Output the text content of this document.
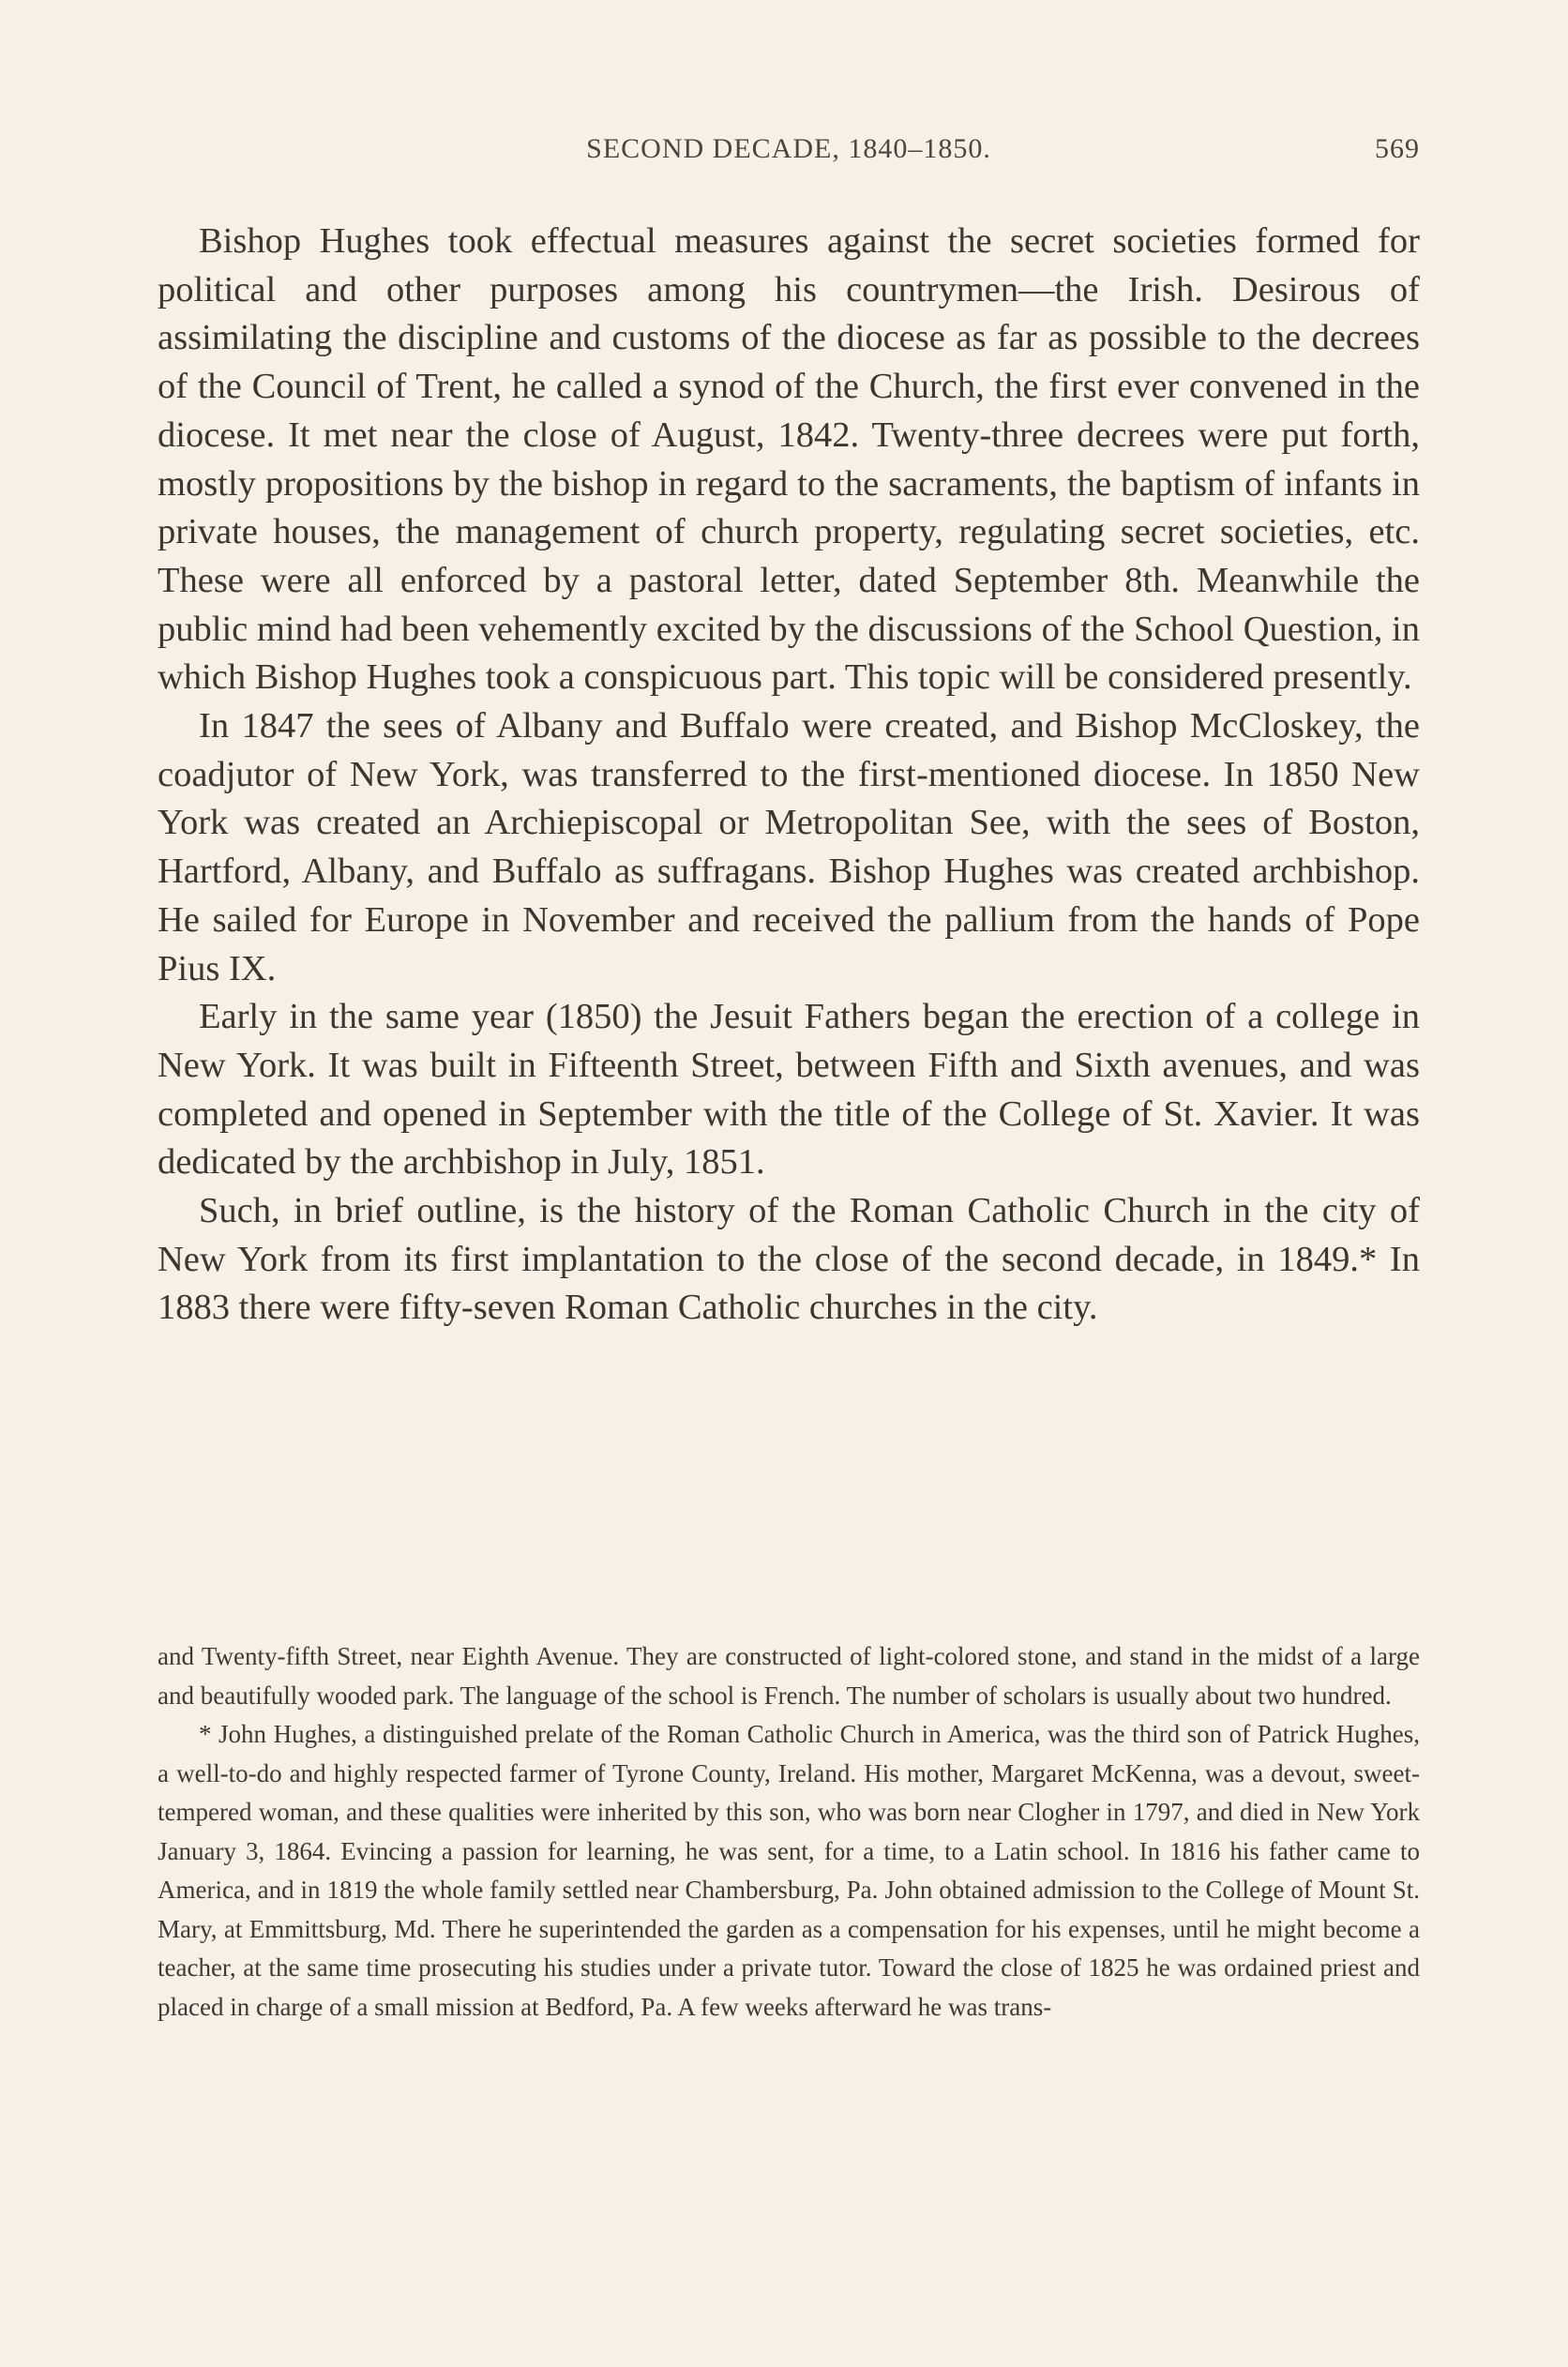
SECOND DECADE, 1840–1850.	569

Bishop Hughes took effectual measures against the secret societies formed for political and other purposes among his countrymen—the Irish. Desirous of assimilating the discipline and customs of the diocese as far as possible to the decrees of the Council of Trent, he called a synod of the Church, the first ever convened in the diocese. It met near the close of August, 1842. Twenty-three decrees were put forth, mostly propositions by the bishop in regard to the sacraments, the baptism of infants in private houses, the management of church property, regulating secret societies, etc. These were all enforced by a pastoral letter, dated September 8th. Meanwhile the public mind had been vehemently excited by the discussions of the School Question, in which Bishop Hughes took a conspicuous part. This topic will be considered presently.

In 1847 the sees of Albany and Buffalo were created, and Bishop McCloskey, the coadjutor of New York, was transferred to the first-mentioned diocese. In 1850 New York was created an Archiepiscopal or Metropolitan See, with the sees of Boston, Hartford, Albany, and Buffalo as suffragans. Bishop Hughes was created archbishop. He sailed for Europe in November and received the pallium from the hands of Pope Pius IX.

Early in the same year (1850) the Jesuit Fathers began the erection of a college in New York. It was built in Fifteenth Street, between Fifth and Sixth avenues, and was completed and opened in September with the title of the College of St. Xavier. It was dedicated by the archbishop in July, 1851.

Such, in brief outline, is the history of the Roman Catholic Church in the city of New York from its first implantation to the close of the second decade, in 1849.* In 1883 there were fifty-seven Roman Catholic churches in the city.

and Twenty-fifth Street, near Eighth Avenue. They are constructed of light-colored stone, and stand in the midst of a large and beautifully wooded park. The language of the school is French. The number of scholars is usually about two hundred.

* John Hughes, a distinguished prelate of the Roman Catholic Church in America, was the third son of Patrick Hughes, a well-to-do and highly respected farmer of Tyrone County, Ireland. His mother, Margaret McKenna, was a devout, sweet-tempered woman, and these qualities were inherited by this son, who was born near Clogher in 1797, and died in New York January 3, 1864. Evincing a passion for learning, he was sent, for a time, to a Latin school. In 1816 his father came to America, and in 1819 the whole family settled near Chambersburg, Pa. John obtained admission to the College of Mount St. Mary, at Emmittsburg, Md. There he superintended the garden as a compensation for his expenses, until he might become a teacher, at the same time prosecuting his studies under a private tutor. Toward the close of 1825 he was ordained priest and placed in charge of a small mission at Bedford, Pa. A few weeks afterward he was trans-
